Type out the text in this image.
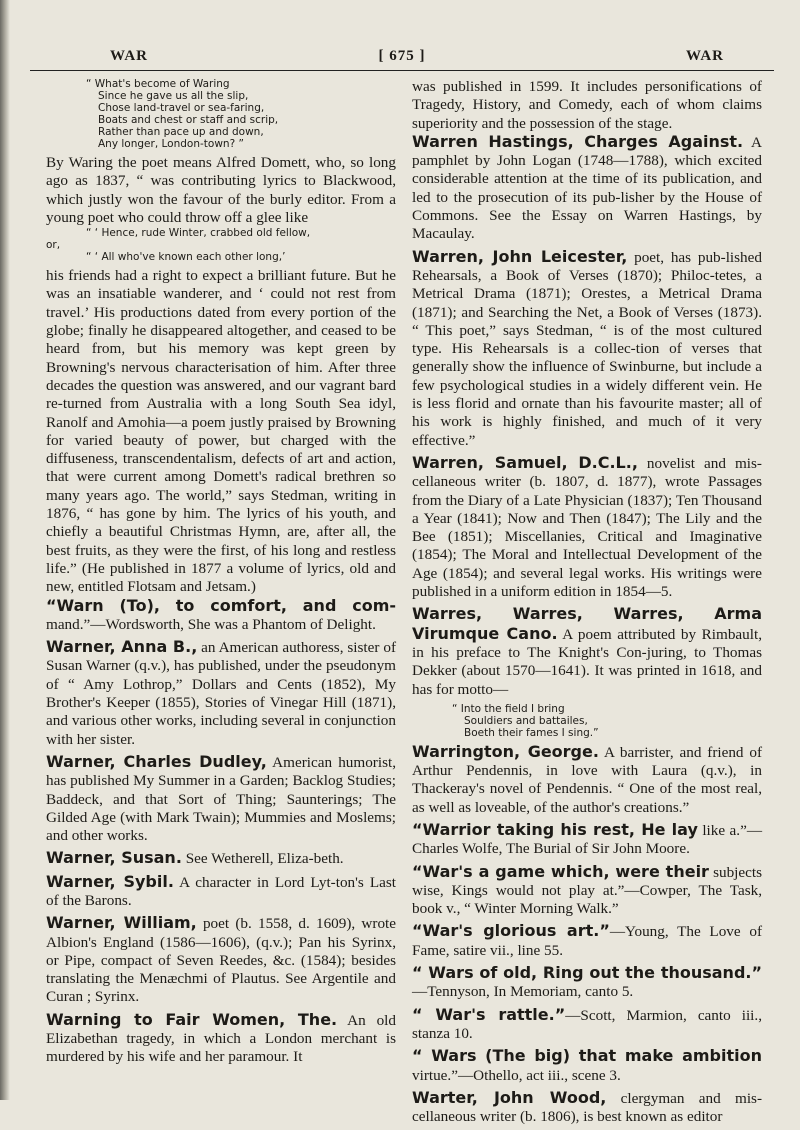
WAR	[ 675 ]	WAR
“ What's become of Waring
Since he gave us all the slip,
Chose land-travel or sea-faring,
Boats and chest or staff and scrip,
Rather than pace up and down,
Any longer, London-town? ”

By Waring the poet means Alfred Domett, who, so long ago as 1837, “ was contributing lyrics to Blackwood, which justly won the favour of the burly editor. From a young poet who could throw off a glee like

“ ‘ Hence, rude Winter, crabbed old fellow,
or,
“ ‘ All who've known each other long,’

his friends had a right to expect a brilliant future. But he was an insatiable wanderer, and ‘ could not rest from travel.’ His productions dated from every portion of the globe; finally he disappeared altogether, and ceased to be heard from, but his memory was kept green by Browning's nervous characterisation of him. After three decades the question was answered, and our vagrant bard re-turned from Australia with a long South Sea idyl, Ranolf and Amohia—a poem justly praised by Browning for varied beauty of power, but charged with the diffuseness, transcendentalism, defects of art and action, that were current among Domett's radical brethren so many years ago. The world,” says Stedman, writing in 1876, “ has gone by him. The lyrics of his youth, and chiefly a beautiful Christmas Hymn, are, after all, the best fruits, as they were the first, of his long and restless life.” (He published in 1877 a volume of lyrics, old and new, entitled Flotsam and Jetsam.)

“Warn (To), to comfort, and com- mand.”—Wordsworth, She was a Phantom of Delight.

Warner, Anna B., an American authoress, sister of Susan Warner (q.v.), has published, under the pseudonym of “ Amy Lothrop,” Dollars and Cents (1852), My Brother's Keeper (1855), Stories of Vinegar Hill (1871), and various other works, including several in conjunction with her sister.

Warner, Charles Dudley, American humorist, has published My Summer in a Garden; Backlog Studies; Baddeck, and that Sort of Thing; Saunterings; The Gilded Age (with Mark Twain); Mummies and Moslems; and other works.

Warner, Susan. See Wetherell, Eliza-beth.

Warner, Sybil. A character in Lord Lyt-ton's Last of the Barons.

Warner, William, poet (b. 1558, d. 1609), wrote Albion's England (1586—1606), (q.v.); Pan his Syrinx, or Pipe, compact of Seven Reedes, &c. (1584); besides translating the Menæchmi of Plautus. See Argentile and Curan ; Syrinx.

Warning to Fair Women, The. An old Elizabethan tragedy, in which a London merchant is murdered by his wife and her paramour. It

was published in 1599. It includes personifications of Tragedy, History, and Comedy, each of whom claims superiority and the possession of the stage.

Warren Hastings, Charges Against. A pamphlet by John Logan (1748—1788), which excited considerable attention at the time of its publication, and led to the prosecution of its pub-lisher by the House of Commons. See the Essay on Warren Hastings, by Macaulay.

Warren, John Leicester, poet, has pub-lished Rehearsals, a Book of Verses (1870); Philoc-tetes, a Metrical Drama (1871); Orestes, a Metrical Drama (1871); and Searching the Net, a Book of Verses (1873). “ This poet,” says Stedman, “ is of the most cultured type. His Rehearsals is a collec-tion of verses that generally show the influence of Swinburne, but include a few psychological studies in a widely different vein. He is less florid and ornate than his favourite master; all of his work is highly finished, and much of it very effective.”

Warren, Samuel, D.C.L., novelist and mis-cellaneous writer (b. 1807, d. 1877), wrote Passages from the Diary of a Late Physician (1837); Ten Thousand a Year (1841); Now and Then (1847); The Lily and the Bee (1851); Miscellanies, Critical and Imaginative (1854); The Moral and Intellectual Development of the Age (1854); and several legal works. His writings were published in a uniform edition in 1854—5.

Warres, Warres, Warres, Arma Virumque Cano. A poem attributed by Rimbault, in his preface to The Knight's Con-juring, to Thomas Dekker (about 1570—1641). It was printed in 1618, and has for motto—

“ Into the field I bring
Souldiers and battailes,
Boeth their fames I sing.”

Warrington, George. A barrister, and friend of Arthur Pendennis, in love with Laura (q.v.), in Thackeray's novel of Pendennis. “ One of the most real, as well as loveable, of the author's creations.”

“Warrior taking his rest, He lay like a.”—Charles Wolfe, The Burial of Sir John Moore.

“War's a game which, were their subjects wise, Kings would not play at.”—Cowper, The Task, book v., “ Winter Morning Walk.”

“War's glorious art.”—Young, The Love of Fame, satire vii., line 55.

“ Wars of old, Ring out the thousand.” —Tennyson, In Memoriam, canto 5.

“ War's rattle.”—Scott, Marmion, canto iii., stanza 10.

“ Wars (The big) that make ambition virtue.”—Othello, act iii., scene 3.

Warter, John Wood, clergyman and mis-cellaneous writer (b. 1806), is best known as editor
